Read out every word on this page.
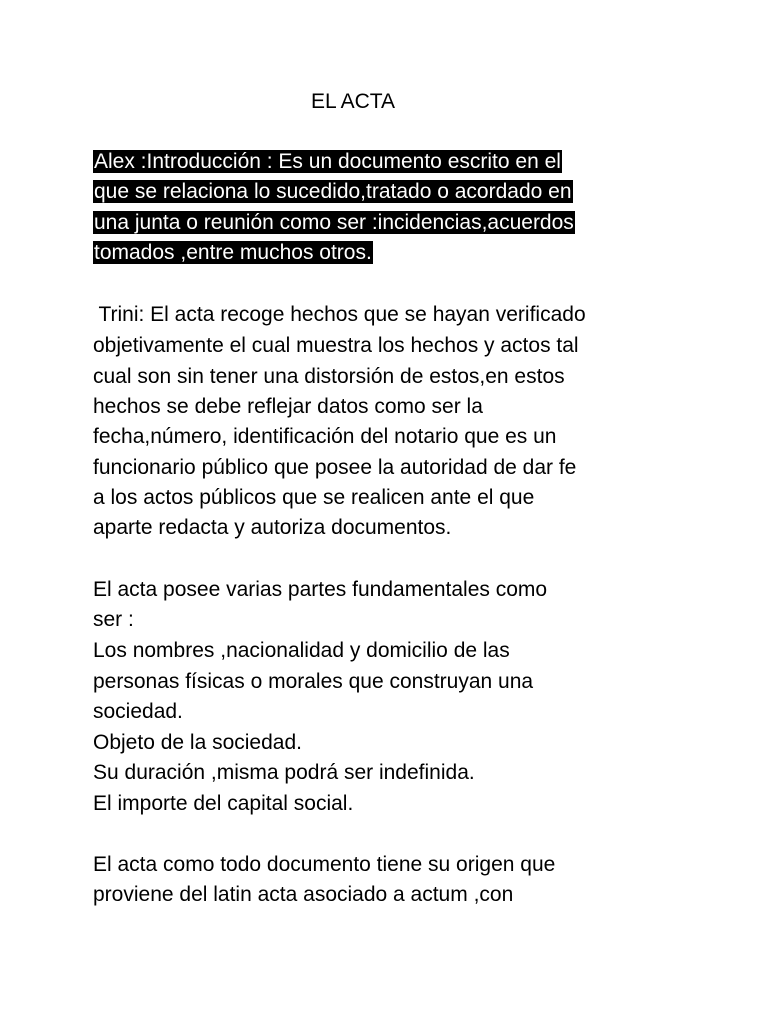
EL ACTA
Alex :Introducción : Es un documento escrito en el
que se relaciona lo sucedido,tratado o acordado en
una junta o reunión como ser :incidencias,acuerdos
tomados ,entre muchos otros.
Trini: El acta recoge hechos que se hayan verificado
objetivamente el cual muestra los hechos y actos tal
cual son sin tener una distorsión de estos,en estos
hechos se debe reflejar datos como ser la
fecha,número, identificación del notario que es un
funcionario público que posee la autoridad de dar fe
a los actos públicos que se realicen ante el que
aparte redacta y autoriza documentos.
El acta posee varias partes fundamentales como
ser :
Los nombres ,nacionalidad y domicilio de las
personas físicas o morales que construyan una
sociedad.
Objeto de la sociedad.
Su duración ,misma podrá ser indefinida.
El importe del capital social.
El acta como todo documento tiene su origen que
proviene del latin acta asociado a actum ,con
